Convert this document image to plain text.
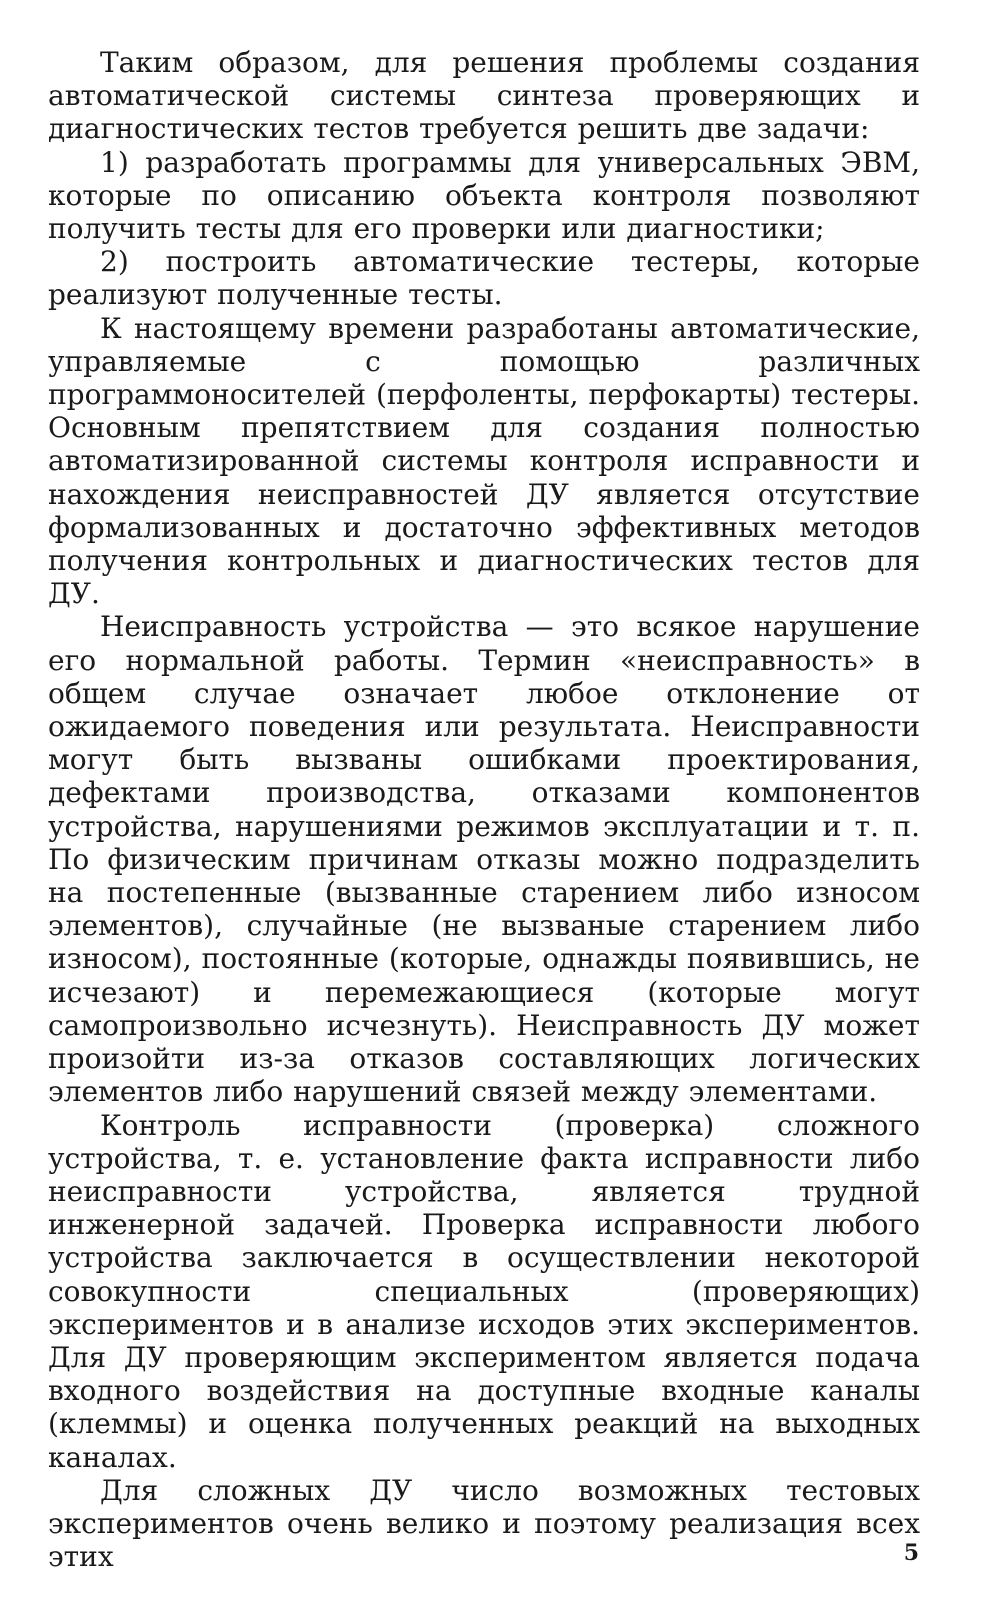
Таким образом, для решения проблемы создания автоматической системы синтеза проверяющих и диагностических тестов требуется решить две задачи:

1) разработать программы для универсальных ЭВМ, которые по описанию объекта контроля позволяют получить тесты для его проверки или диагностики;

2) построить автоматические тестеры, которые реализуют полученные тесты.

К настоящему времени разработаны автоматические, управляемые с помощью различных программоносителей (перфоленты, перфокарты) тестеры. Основным препятствием для создания полностью автоматизированной системы контроля исправности и нахождения неисправностей ДУ является отсутствие формализованных и достаточно эффективных методов получения контрольных и диагностических тестов для ДУ.

Неисправность устройства — это всякое нарушение его нормальной работы. Термин «неисправность» в общем случае означает любое отклонение от ожидаемого поведения или результата. Неисправности могут быть вызваны ошибками проектирования, дефектами производства, отказами компонентов устройства, нарушениями режимов эксплуатации и т. п. По физическим причинам отказы можно подразделить на постепенные (вызванные старением либо износом элементов), случайные (не вызваные старением либо износом), постоянные (которые, однажды появившись, не исчезают) и перемежающиеся (которые могут самопроизвольно исчезнуть). Неисправность ДУ может произойти из-за отказов составляющих логических элементов либо нарушений связей между элементами.

Контроль исправности (проверка) сложного устройства, т. е. установление факта исправности либо неисправности устройства, является трудной инженерной задачей. Проверка исправности любого устройства заключается в осуществлении некоторой совокупности специальных (проверяющих) экспериментов и в анализе исходов этих экспериментов. Для ДУ проверяющим экспериментом является подача входного воздействия на доступные входные каналы (клеммы) и оценка полученных реакций на выходных каналах.

Для сложных ДУ число возможных тестовых экспериментов очень велико и поэтому реализация всех этих	5
